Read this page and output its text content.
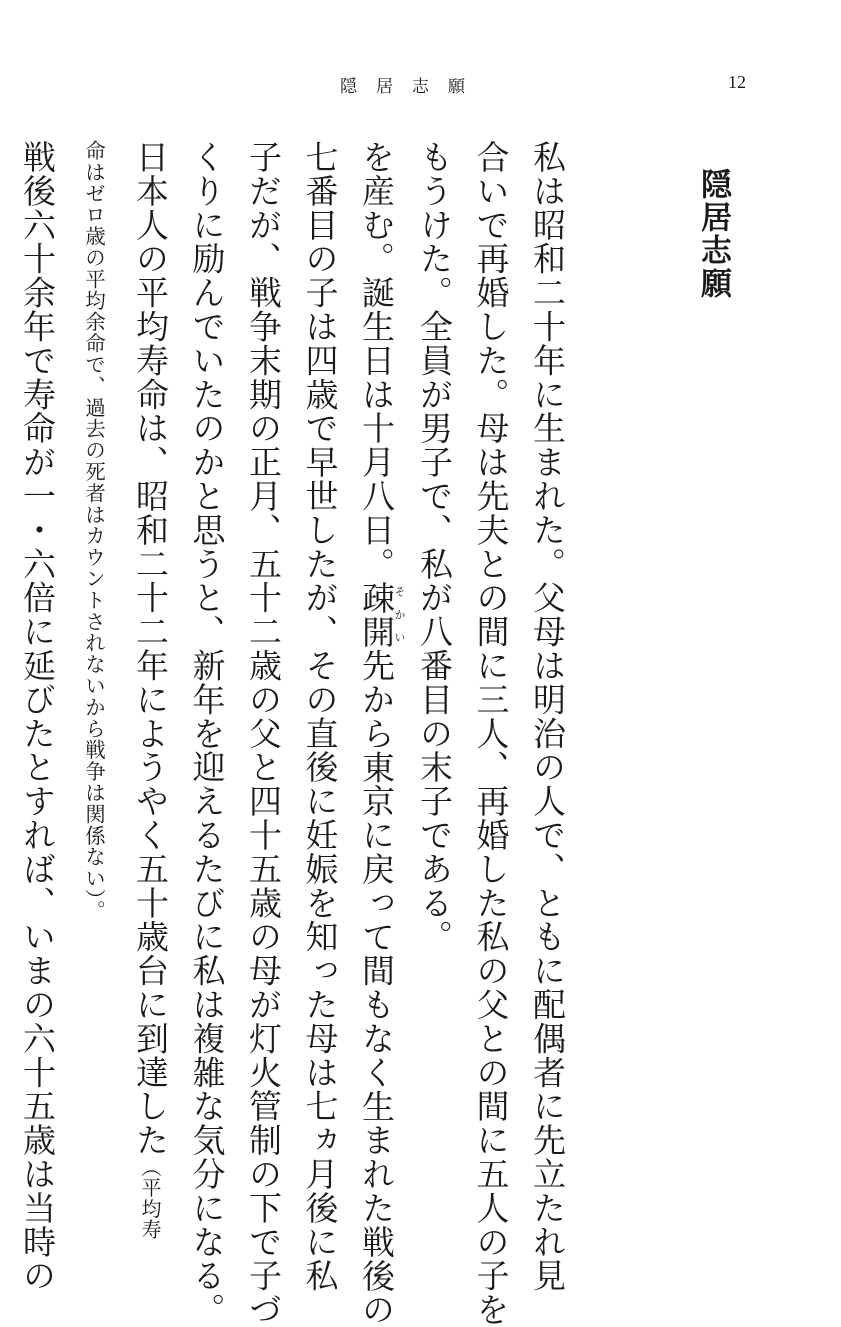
隠居志願	12
隠居志願
私は昭和二十年に生まれた。父母は明治の人で、ともに配偶者に先立たれ見
合いで再婚した。母は先夫との間に三人、再婚した私の父との間に五人の子を
もうけた。全員が男子で、私が八番目の末子である。
を産む。誕生日は十月八日。疎開そかい先から東京に戻って間もなく生まれた戦後の
七番目の子は四歳で早世したが、その直後に妊娠を知った母は七ヵ月後に私
子だが、戦争末期の正月、五十二歳の父と四十五歳の母が灯火管制の下で子づ
くりに励んでいたのかと思うと、新年を迎えるたびに私は複雑な気分になる。
日本人の平均寿命は、昭和二十二年にようやく五十歳台に到達した（平均寿
命はゼロ歳の平均余命で、過去の死者はカウントされないから戦争は関係ない）。
戦後六十余年で寿命が一・六倍に延びたとすれば、いまの六十五歳は当時の
